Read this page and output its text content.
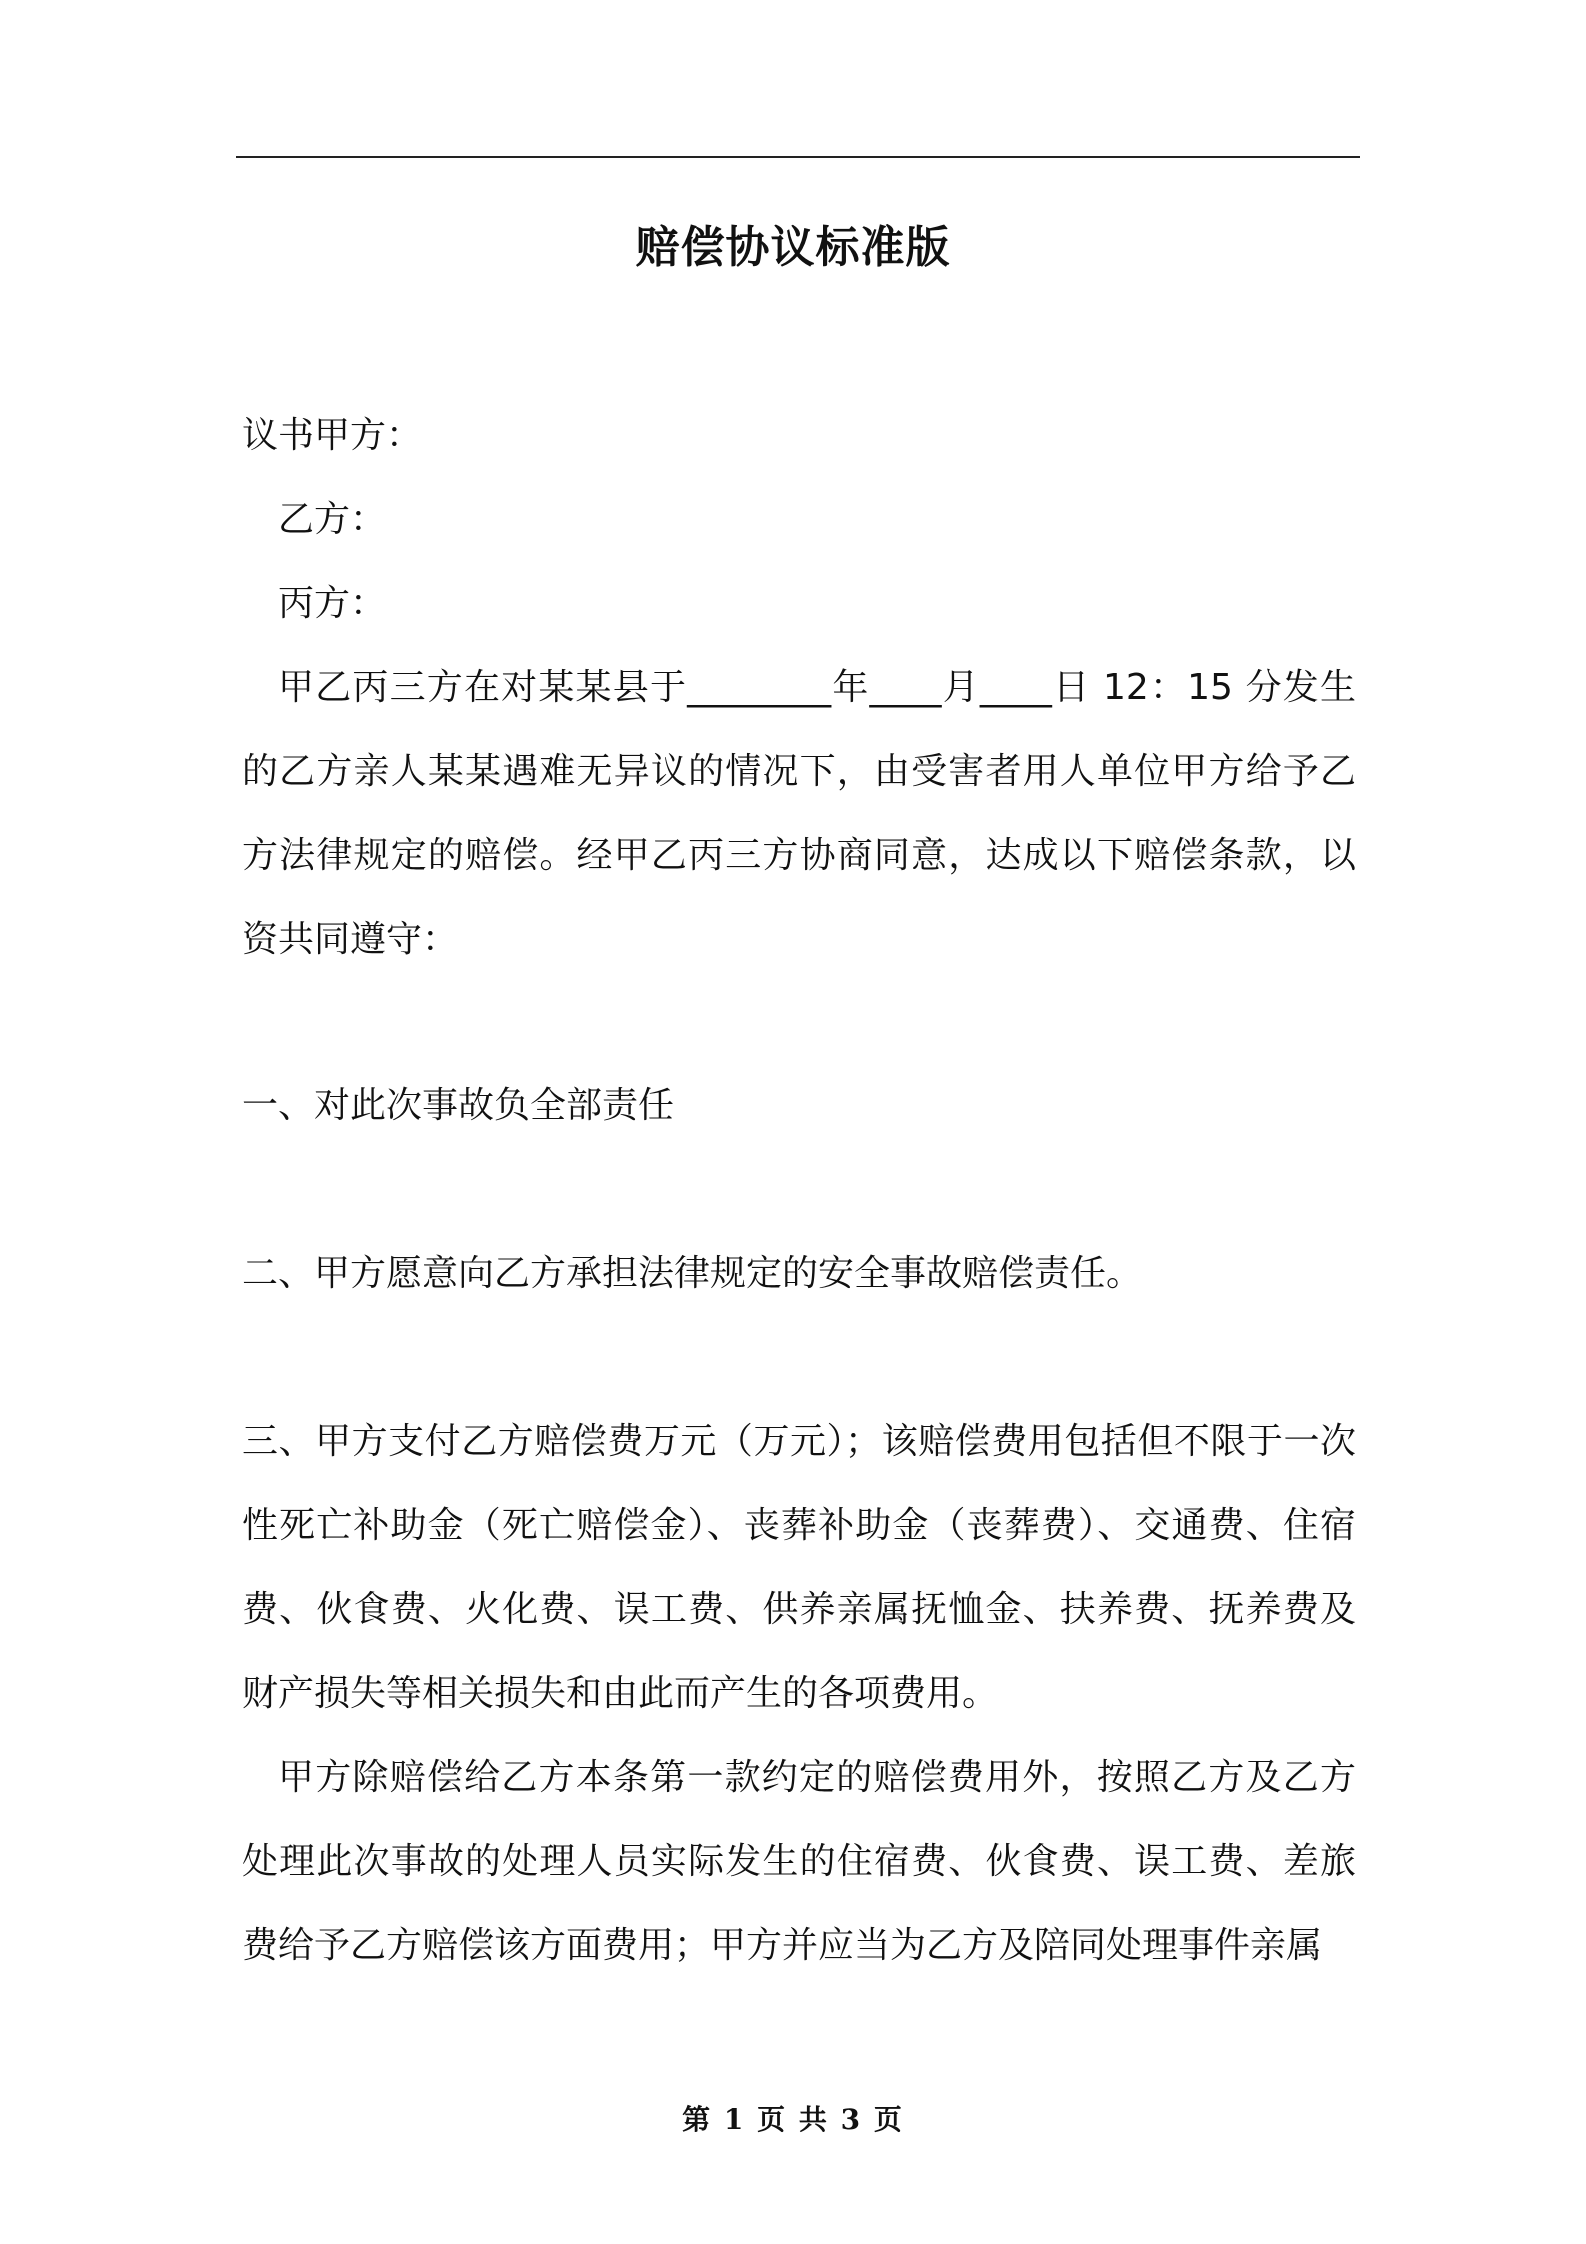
赔偿协议标准版

议书甲方：

乙方：

丙方：

甲乙丙三方在对某某县于________年____月____日 12：15 分发生的乙方亲人某某遇难无异议的情况下，由受害者用人单位甲方给予乙方法律规定的赔偿。经甲乙丙三方协商同意，达成以下赔偿条款，以资共同遵守：

一、对此次事故负全部责任

二、甲方愿意向乙方承担法律规定的安全事故赔偿责任。

三、甲方支付乙方赔偿费万元（万元）；该赔偿费用包括但不限于一次性死亡补助金（死亡赔偿金）、丧葬补助金（丧葬费）、交通费、住宿费、伙食费、火化费、误工费、供养亲属抚恤金、扶养费、抚养费及财产损失等相关损失和由此而产生的各项费用。

甲方除赔偿给乙方本条第一款约定的赔偿费用外，按照乙方及乙方处理此次事故的处理人员实际发生的住宿费、伙食费、误工费、差旅费给予乙方赔偿该方面费用；甲方并应当为乙方及陪同处理事件亲属

第 1 页 共 3 页
